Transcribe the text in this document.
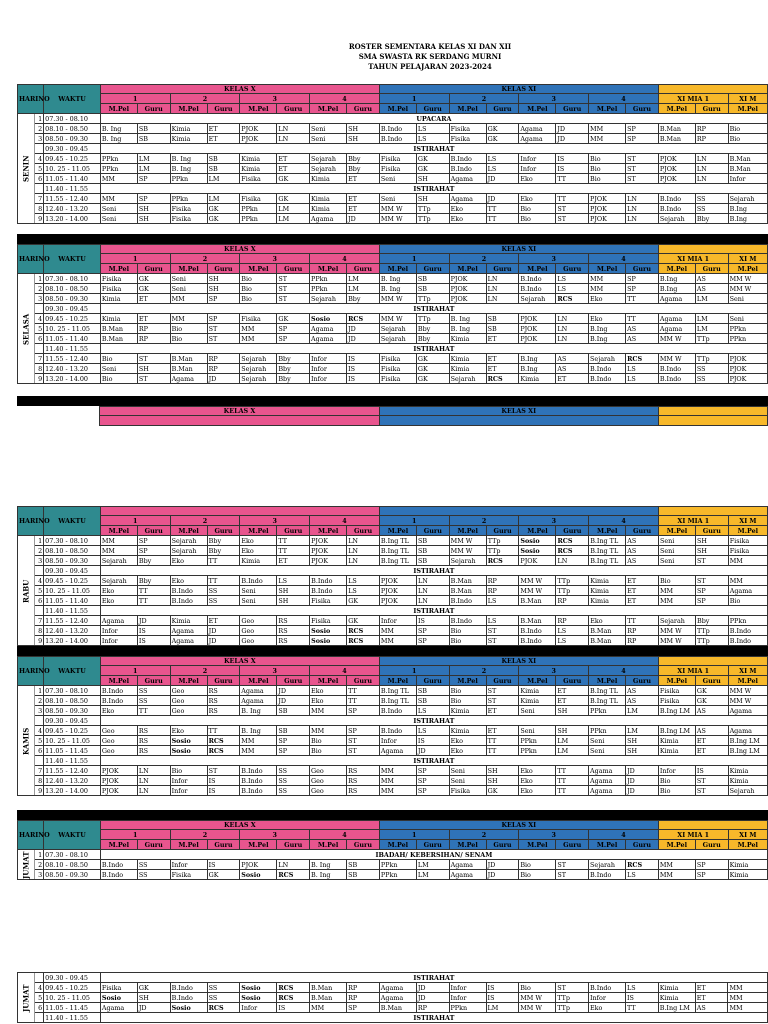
ROSTER SEMENTARA KELAS XI DAN XII
SMA SWASTA RK SERDANG MURNI
TAHUN PELAJARAN 2023-2024
HARINO		WAKTU	KELAS X								KELAS XI										
			1		2		3		4		1		2		3		4		XI MIA 1		XI M
			M.Pel	Guru	M.Pel	Guru	M.Pel	Guru	M.Pel	Guru	M.Pel	Guru	M.Pel	Guru	M.Pel	Guru	M.Pel	Guru	M.Pel	Guru	M.Pel
SENIN	1	07.30 - 08.10	UPACARA																		
	2	08.10 - 08.50	B. Ing	SB	Kimia	ET	PJOK	LN	Seni	SH	B.Indo	LS	Fisika	GK	Agama	JD	MM	SP	B.Man	RP	Bio
	3	08.50 - 09.30	B. Ing	SB	Kimia	ET	PJOK	LN	Seni	SH	B.Indo	LS	Fisika	GK	Agama	JD	MM	SP	B.Man	RP	Bio
		09.30 - 09.45	ISTIRAHAT																		
	4	09.45 - 10.25	PPkn	LM	B. Ing	SB	Kimia	ET	Sejarah	Bby	Fisika	GK	B.Indo	LS	Infor	IS	Bio	ST	PJOK	LN	B.Man
	5	10. 25 - 11.05	PPkn	LM	B. Ing	SB	Kimia	ET	Sejarah	Bby	Fisika	GK	B.Indo	LS	Infor	IS	Bio	ST	PJOK	LN	B.Man
	6	11.05 - 11.40	MM	SP	PPkn	LM	Fisika	GK	Kimia	ET	Seni	SH	Agama	JD	Eko	TT	Bio	ST	PJOK	LN	Infor
		11.40 - 11.55	ISTIRAHAT																		
	7	11.55 - 12.40	MM	SP	PPkn	LM	Fisika	GK	Kimia	ET	Seni	SH	Agama	JD	Eko	TT	PJOK	LN	B.Indo	SS	Sejarah
	8	12.40 - 13.20	Seni	SH	Fisika	GK	PPkn	LM	Kimia	ET	MM W	TTp	Eko	TT	Bio	ST	PJOK	LN	B.Indo	SS	B.Ing
	9	13.20 - 14.00	Seni	SH	Fisika	GK	PPkn	LM	Agama	JD	MM W	TTp	Eko	TT	Bio	ST	PJOK	LN	Sejarah	Bby	B.Ing
HARINO		WAKTU	KELAS X								KELAS XI										
			1		2		3		4		1		2		3		4		XI MIA 1		XI M
			M.Pel	Guru	M.Pel	Guru	M.Pel	Guru	M.Pel	Guru	M.Pel	Guru	M.Pel	Guru	M.Pel	Guru	M.Pel	Guru	M.Pel	Guru	M.Pel
SELASA	1	07.30 - 08.10	Fisika	GK	Seni	SH	Bio	ST	PPkn	LM	B. Ing	SB	PJOK	LN	B.Indo	LS	MM	SP	B.Ing	AS	MM W
	2	08.10 - 08.50	Fisika	GK	Seni	SH	Bio	ST	PPkn	LM	B. Ing	SB	PJOK	LN	B.Indo	LS	MM	SP	B.Ing	AS	MM W
	3	08.50 - 09.30	Kimia	ET	MM	SP	Bio	ST	Sejarah	Bby	MM W	TTp	PJOK	LN	Sejarah	RCS	Eko	TT	Agama	LM	Seni
		09.30 - 09.45	ISTIRAHAT																		
	4	09.45 - 10.25	Kimia	ET	MM	SP	Fisika	GK	Sosio	RCS	MM W	TTp	B. Ing	SB	PJOK	LN	Eko	TT	Agama	LM	Seni
	5	10. 25 - 11.05	B.Man	RP	Bio	ST	MM	SP	Agama	JD	Sejarah	Bby	B. Ing	SB	PJOK	LN	B.Ing	AS	Agama	LM	PPkn
	6	11.05 - 11.40	B.Man	RP	Bio	ST	MM	SP	Agama	JD	Sejarah	Bby	Kimia	ET	PJOK	LN	B.Ing	AS	MM W	TTp	PPkn
		11.40 - 11.55	ISTIRAHAT																		
	7	11.55 - 12.40	Bio	ST	B.Man	RP	Sejarah	Bby	Infor	IS	Fisika	GK	Kimia	ET	B.Ing	AS	Sejarah	RCS	MM W	TTp	PJOK
	8	12.40 - 13.20	Seni	SH	B.Man	RP	Sejarah	Bby	Infor	IS	Fisika	GK	Kimia	ET	B.Ing	AS	B.Indo	LS	B.Indo	SS	PJOK
	9	13.20 - 14.00	Bio	ST	Agama	JD	Sejarah	Bby	Infor	IS	Fisika	GK	Sejarah	RCS	Kimia	ET	B.Indo	LS	B.Indo	SS	PJOK
	KELAS X	KELAS XI	

HARINO		WAKTU																			
			1		2		3		4		1		2		3		4		XI MIA 1		XI M
			M.Pel	Guru	M.Pel	Guru	M.Pel	Guru	M.Pel	Guru	M.Pel	Guru	M.Pel	Guru	M.Pel	Guru	M.Pel	Guru	M.Pel	Guru	M.Pel
RABU	1	07.30 - 08.10	MM	SP	Sejarah	Bby	Eko	TT	PJOK	LN	B.Ing TL	SB	MM W	TTp	Sosio	RCS	B.Ing TL	AS	Seni	SH	Fisika
	2	08.10 - 08.50	MM	SP	Sejarah	Bby	Eko	TT	PJOK	LN	B.Ing TL	SB	MM W	TTp	Sosio	RCS	B.Ing TL	AS	Seni	SH	Fisika
	3	08.50 - 09.30	Sejarah	Bby	Eko	TT	Kimia	ET	PJOK	LN	B.Ing TL	SB	Sejarah	RCS	PJOK	LN	B.Ing TL	AS	Seni	ST	MM
		09.30 - 09.45	ISTIRAHAT																		
	4	09.45 - 10.25	Sejarah	Bby	Eko	TT	B.Indo	LS	B.Indo	LS	PJOK	LN	B.Man	RP	MM W	TTp	Kimia	ET	Bio	ST	MM
	5	10. 25 - 11.05	Eko	TT	B.Indo	SS	Seni	SH	B.Indo	LS	PJOK	LN	B.Man	RP	MM W	TTp	Kimia	ET	MM	SP	Agama
	6	11.05 - 11.40	Eko	TT	B.Indo	SS	Seni	SH	Fisika	GK	PJOK	LN	B.Indo	LS	B.Man	RP	Kimia	ET	MM	SP	Bio
		11.40 - 11.55	ISTIRAHAT																		
	7	11.55 - 12.40	Agama	JD	Kimia	ET	Geo	RS	Fisika	GK	Infor	IS	B.Indo	LS	B.Man	RP	Eko	TT	Sejarah	Bby	PPkn
	8	12.40 - 13.20	Infor	IS	Agama	JD	Geo	RS	Sosio	RCS	MM	SP	Bio	ST	B.Indo	LS	B.Man	RP	MM W	TTp	B.Indo
	9	13.20 - 14.00	Infor	IS	Agama	JD	Geo	RS	Sosio	RCS	MM	SP	Bio	ST	B.Indo	LS	B.Man	RP	MM W	TTp	B.Indo
HARINO		WAKTU	KELAS X								KELAS XI										
			1		2		3		4		1		2		3		4		XI MIA 1		XI M
			M.Pel	Guru	M.Pel	Guru	M.Pel	Guru	M.Pel	Guru	M.Pel	Guru	M.Pel	Guru	M.Pel	Guru	M.Pel	Guru	M.Pel	Guru	M.Pel
KAMIS	1	07.30 - 08.10	B.Indo	SS	Geo	RS	Agama	JD	Eko	TT	B.Ing TL	SB	Bio	ST	Kimia	ET	B.Ing TL	AS	Fisika	GK	MM W
	2	08.10 - 08.50	B.Indo	SS	Geo	RS	Agama	JD	Eko	TT	B.Ing TL	SB	Bio	ST	Kimia	ET	B.Ing TL	AS	Fisika	GK	MM W
	3	08.50 - 09.30	Eko	TT	Geo	RS	B. Ing	SB	MM	SP	B.Indo	LS	Kimia	ET	Seni	SH	PPkn	LM	B.Ing LM	AS	Agama
		09.30 - 09.45	ISTIRAHAT																		
	4	09.45 - 10.25	Geo	RS	Eko	TT	B. Ing	SB	MM	SP	B.Indo	LS	Kimia	ET	Seni	SH	PPkn	LM	B.Ing LM	AS	Agama
	5	10. 25 - 11.05	Geo	RS	Sosio	RCS	MM	SP	Bio	ST	Infor	IS	Eko	TT	PPkn	LM	Seni	SH	Kimia	ET	B.Ing LM
	6	11.05 - 11.45	Geo	RS	Sosio	RCS	MM	SP	Bio	ST	Agama	JD	Eko	TT	PPkn	LM	Seni	SH	Kimia	ET	B.Ing LM
		11.40 - 11.55	ISTIRAHAT																		
	7	11.55 - 12.40	PJOK	LN	Bio	ST	B.Indo	SS	Geo	RS	MM	SP	Seni	SH	Eko	TT	Agama	JD	Infor	IS	Kimia
	8	12.40 - 13.20	PJOK	LN	Infor	IS	B.Indo	SS	Geo	RS	MM	SP	Seni	SH	Eko	TT	Agama	JD	Bio	ST	Kimia
	9	13.20 - 14.00	PJOK	LN	Infor	IS	B.Indo	SS	Geo	RS	MM	SP	Fisika	GK	Eko	TT	Agama	JD	Bio	ST	Sejarah
HARINO		WAKTU	KELAS X								KELAS XI										
			1		2		3		4		1		2		3		4		XI MIA 1		XI M
			M.Pel	Guru	M.Pel	Guru	M.Pel	Guru	M.Pel	Guru	M.Pel	Guru	M.Pel	Guru	M.Pel	Guru	M.Pel	Guru	M.Pel	Guru	M.Pel
JUMAT	1	07.30 - 08.10	IBADAH/ KEBERSIHAN/ SENAM																		
	2	08.10 - 08.50	B.Indo	SS	Infor	IS	PJOK	LN	B. Ing	SB	PPkn	LM	Agama	JD	Bio	ST	Sejarah	RCS	MM	SP	Kimia
	3	08.50 - 09.30	B.Indo	SS	Fisika	GK	Sosio	RCS	B. Ing	SB	PPkn	LM	Agama	JD	Bio	ST	B.Indo	LS	MM	SP	Kimia
JUMAT		09.30 - 09.45	ISTIRAHAT																		
	4	09.45 - 10.25	Fisika	GK	B.Indo	SS	Sosio	RCS	B.Man	RP	Agama	JD	Infor	IS	Bio	ST	B.Indo	LS	Kimia	ET	MM
	5	10. 25 - 11.05	Sosio	SH	B.Indo	SS	Sosio	RCS	B.Man	RP	Agama	JD	Infor	IS	MM W	TTp	Infor	IS	Kimia	ET	MM
	6	11.05 - 11.45	Agama	JD	Sosio	RCS	Infor	IS	MM	SP	B.Man	RP	PPkn	LM	MM W	TTp	Eko	TT	B.Ing LM	AS	MM
		11.40 - 11.55	ISTIRAHAT																		
